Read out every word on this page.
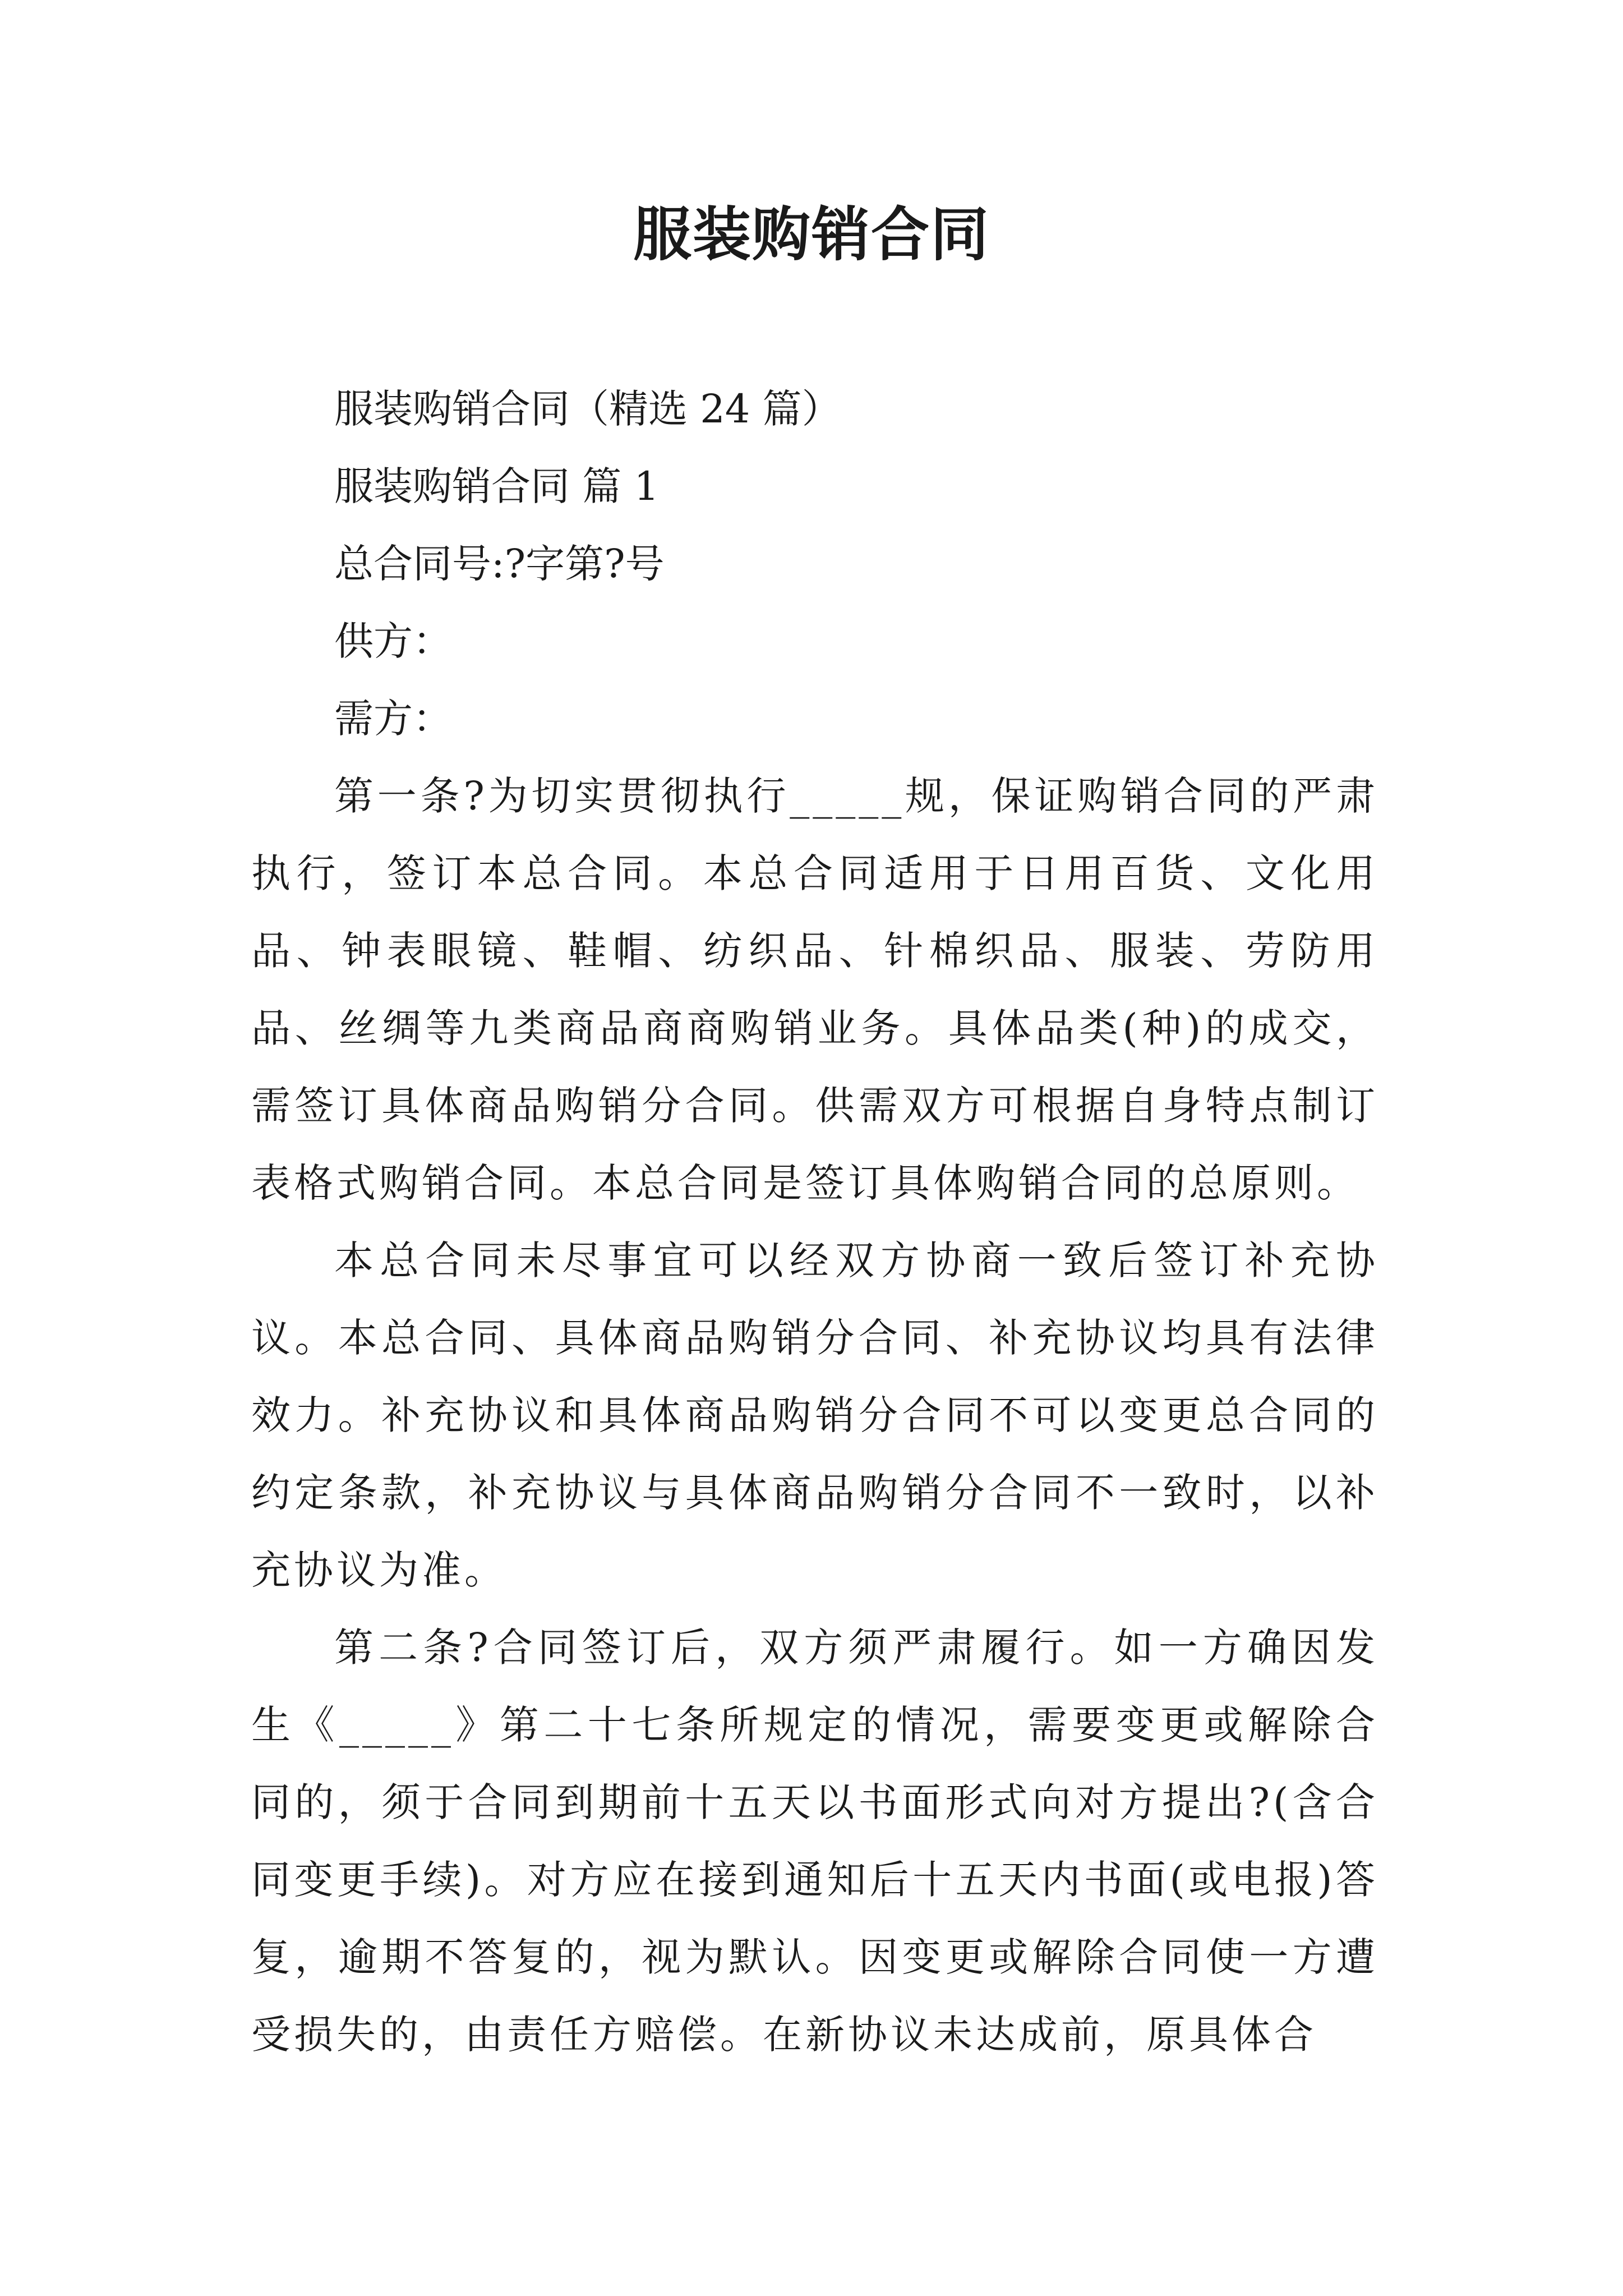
服装购销合同
服装购销合同（精选 24 篇）
服装购销合同 篇 1
总合同号:?字第?号
供方：
需方：
第一条?为切实贯彻执行_____规，保证购销合同的严肃执行，签订本总合同。本总合同适用于日用百货、文化用品、钟表眼镜、鞋帽、纺织品、针棉织品、服装、劳防用品、丝绸等九类商品商商购销业务。具体品类(种)的成交，需签订具体商品购销分合同。供需双方可根据自身特点制订表格式购销合同。本总合同是签订具体购销合同的总原则。
本总合同未尽事宜可以经双方协商一致后签订补充协议。本总合同、具体商品购销分合同、补充协议均具有法律效力。补充协议和具体商品购销分合同不可以变更总合同的约定条款，补充协议与具体商品购销分合同不一致时，以补充协议为准。
第二条?合同签订后，双方须严肃履行。如一方确因发生《_____》第二十七条所规定的情况，需要变更或解除合同的，须于合同到期前十五天以书面形式向对方提出?(含合同变更手续)。对方应在接到通知后十五天内书面(或电报)答复，逾期不答复的，视为默认。因变更或解除合同使一方遭受损失的，由责任方赔偿。在新协议未达成前，原具体合
